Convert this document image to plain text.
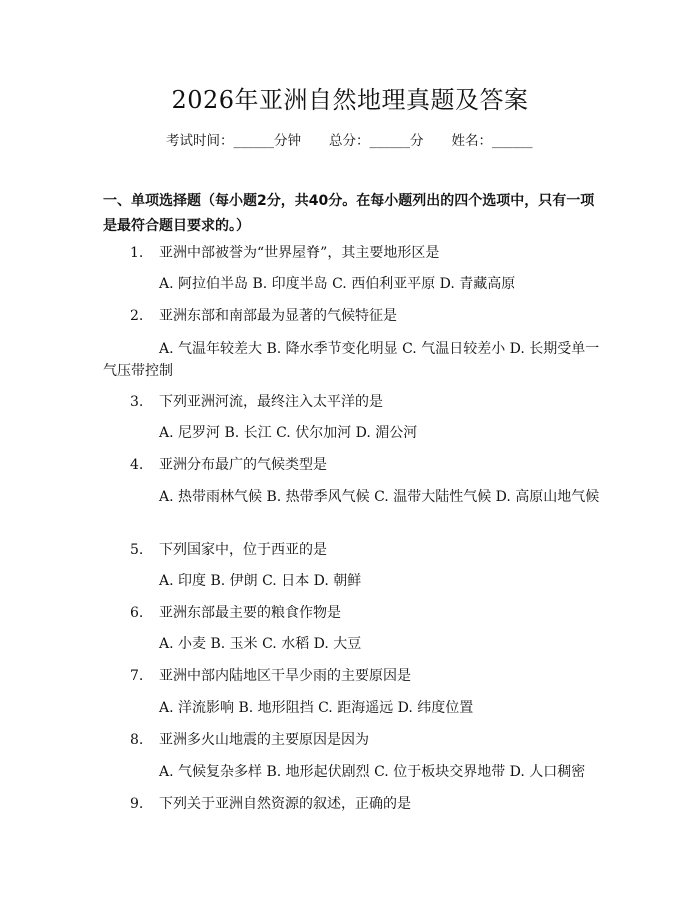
2026年亚洲自然地理真题及答案
考试时间：______分钟 总分：______分 姓名：______
一、单项选择题（每小题2分，共40分。在每小题列出的四个选项中，只有一项是最符合题目要求的。）
1. 亚洲中部被誉为“世界屋脊”，其主要地形区是
A. 阿拉伯半岛 B. 印度半岛 C. 西伯利亚平原 D. 青藏高原
2. 亚洲东部和南部最为显著的气候特征是
A. 气温年较差大 B. 降水季节变化明显 C. 气温日较差小 D. 长期受单一气压带控制
3. 下列亚洲河流，最终注入太平洋的是
A. 尼罗河 B. 长江 C. 伏尔加河 D. 湄公河
4. 亚洲分布最广的气候类型是
A. 热带雨林气候 B. 热带季风气候 C. 温带大陆性气候 D. 高原山地气候
5. 下列国家中，位于西亚的是
A. 印度 B. 伊朗 C. 日本 D. 朝鲜
6. 亚洲东部最主要的粮食作物是
A. 小麦 B. 玉米 C. 水稻 D. 大豆
7. 亚洲中部内陆地区干旱少雨的主要原因是
A. 洋流影响 B. 地形阻挡 C. 距海遥远 D. 纬度位置
8. 亚洲多火山地震的主要原因是因为
A. 气候复杂多样 B. 地形起伏剧烈 C. 位于板块交界地带 D. 人口稠密
9. 下列关于亚洲自然资源的叙述，正确的是
